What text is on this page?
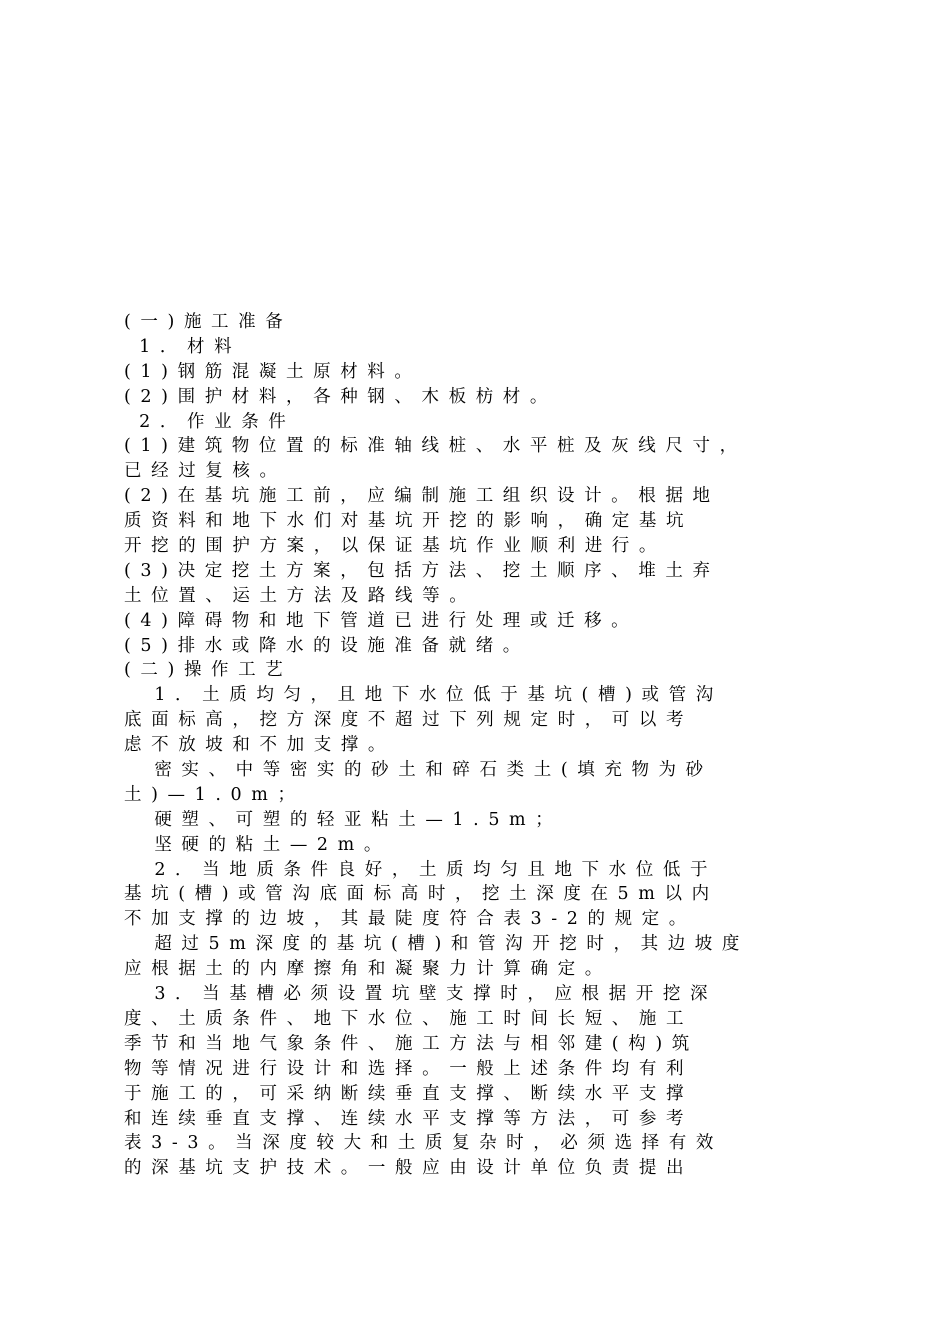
(一)施工准备
1．材料
(1)钢筋混凝土原材料。
(2)围护材料，各种钢、木板枋材。
2．作业条件
(1)建筑物位置的标准轴线桩、水平桩及灰线尺寸，
已经过复核。
(2)在基坑施工前，应编制施工组织设计。根据地
质资料和地下水们对基坑开挖的影响，确定基坑
开挖的围护方案，以保证基坑作业顺利进行。
(3)决定挖土方案，包括方法、挖土顺序、堆土弃
土位置、运土方法及路线等。
(4)障碍物和地下管道已进行处理或迁移。
(5)排水或降水的设施准备就绪。
(二)操作工艺
1．土质均匀，且地下水位低于基坑(槽)或管沟
底面标高，挖方深度不超过下列规定时，可以考
虑不放坡和不加支撑。
密实、中等密实的砂土和碎石类土(填充物为砂
土)—1.0m；
硬塑、可塑的轻亚粘土—1.5m；
坚硬的粘土—2m。
2．当地质条件良好，土质均匀且地下水位低于
基坑(槽)或管沟底面标高时，挖土深度在5m以内
不加支撑的边坡，其最陡度符合表3-2的规定。
超过5m深度的基坑(槽)和管沟开挖时，其边坡度
应根据土的内摩擦角和凝聚力计算确定。
3．当基槽必须设置坑壁支撑时，应根据开挖深
度、土质条件、地下水位、施工时间长短、施工
季节和当地气象条件、施工方法与相邻建(构)筑
物等情况进行设计和选择。一般上述条件均有利
于施工的，可采纳断续垂直支撑、断续水平支撑
和连续垂直支撑、连续水平支撑等方法，可参考
表3-3。当深度较大和土质复杂时，必须选择有效
的深基坑支护技术。一般应由设计单位负责提出
